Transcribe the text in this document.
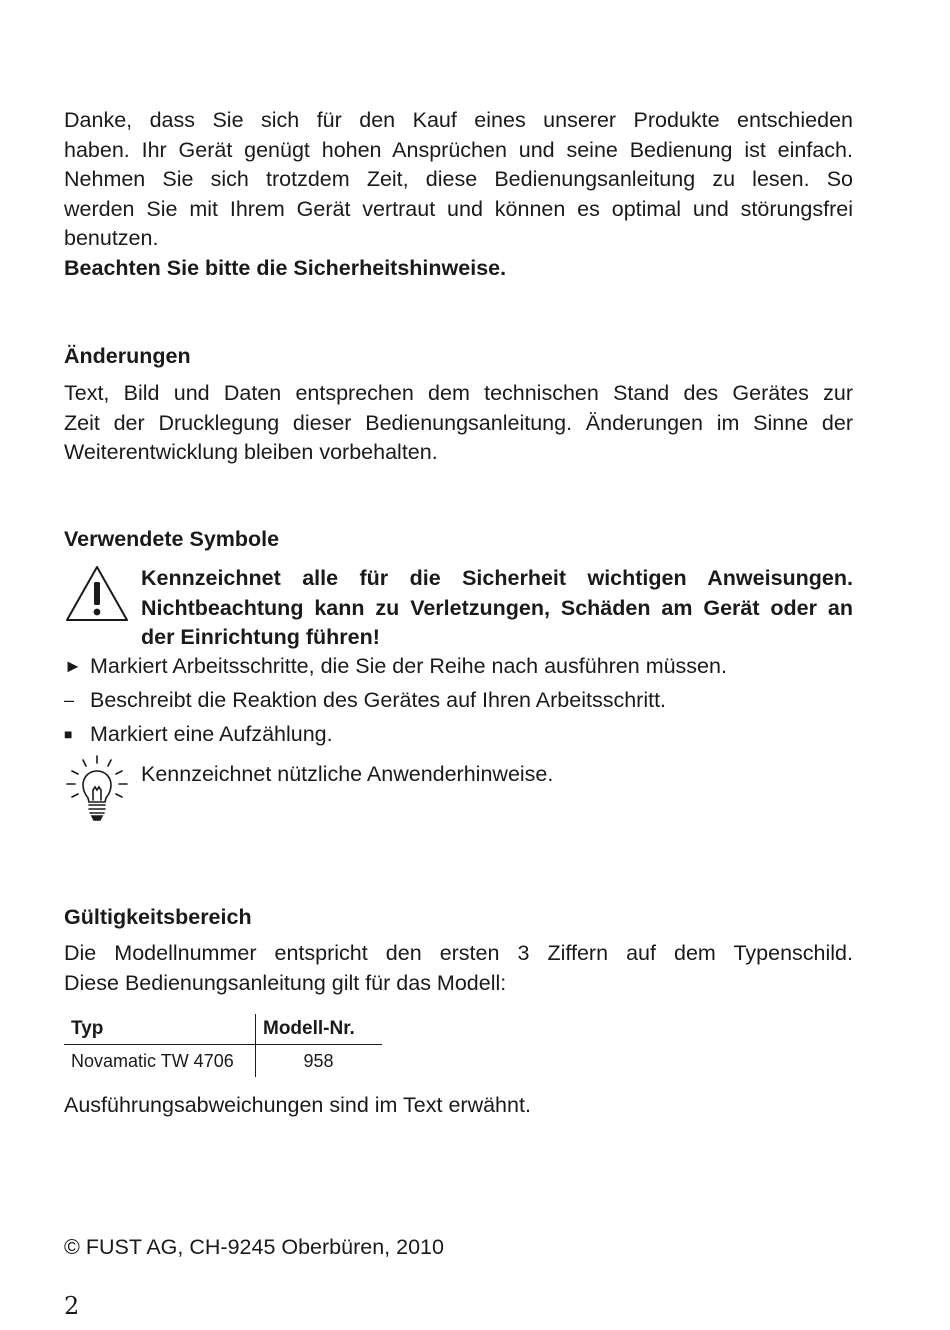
Danke, dass Sie sich für den Kauf eines unserer Produkte entschieden

haben. Ihr Gerät genügt hohen Ansprüchen und seine Bedienung ist einfach.

Nehmen Sie sich trotzdem Zeit, diese Bedienungsanleitung zu lesen. So

werden Sie mit Ihrem Gerät vertraut und können es optimal und störungsfrei

benutzen.

Beachten Sie bitte die Sicherheitshinweise.

Änderungen

Text, Bild und Daten entsprechen dem technischen Stand des Gerätes zur

Zeit der Drucklegung dieser Bedienungsanleitung. Änderungen im Sinne der

Weiterentwicklung bleiben vorbehalten.

Verwendete Symbole

Kennzeichnet alle für die Sicherheit wichtigen Anweisungen.

Nichtbeachtung kann zu Verletzungen, Schäden am Gerät oder an

der Einrichtung führen!

► Markiert Arbeitsschritte, die Sie der Reihe nach ausführen müssen.

– Beschreibt die Reaktion des Gerätes auf Ihren Arbeitsschritt.

■ Markiert eine Aufzählung.

Kennzeichnet nützliche Anwenderhinweise.

Gültigkeitsbereich

Die Modellnummer entspricht den ersten 3 Ziffern auf dem Typenschild.

Diese Bedienungsanleitung gilt für das Modell:

Typ	Modell-Nr.
Novamatic TW 4706	958

Ausführungsabweichungen sind im Text erwähnt.

© FUST AG, CH-9245 Oberbüren, 2010

2
